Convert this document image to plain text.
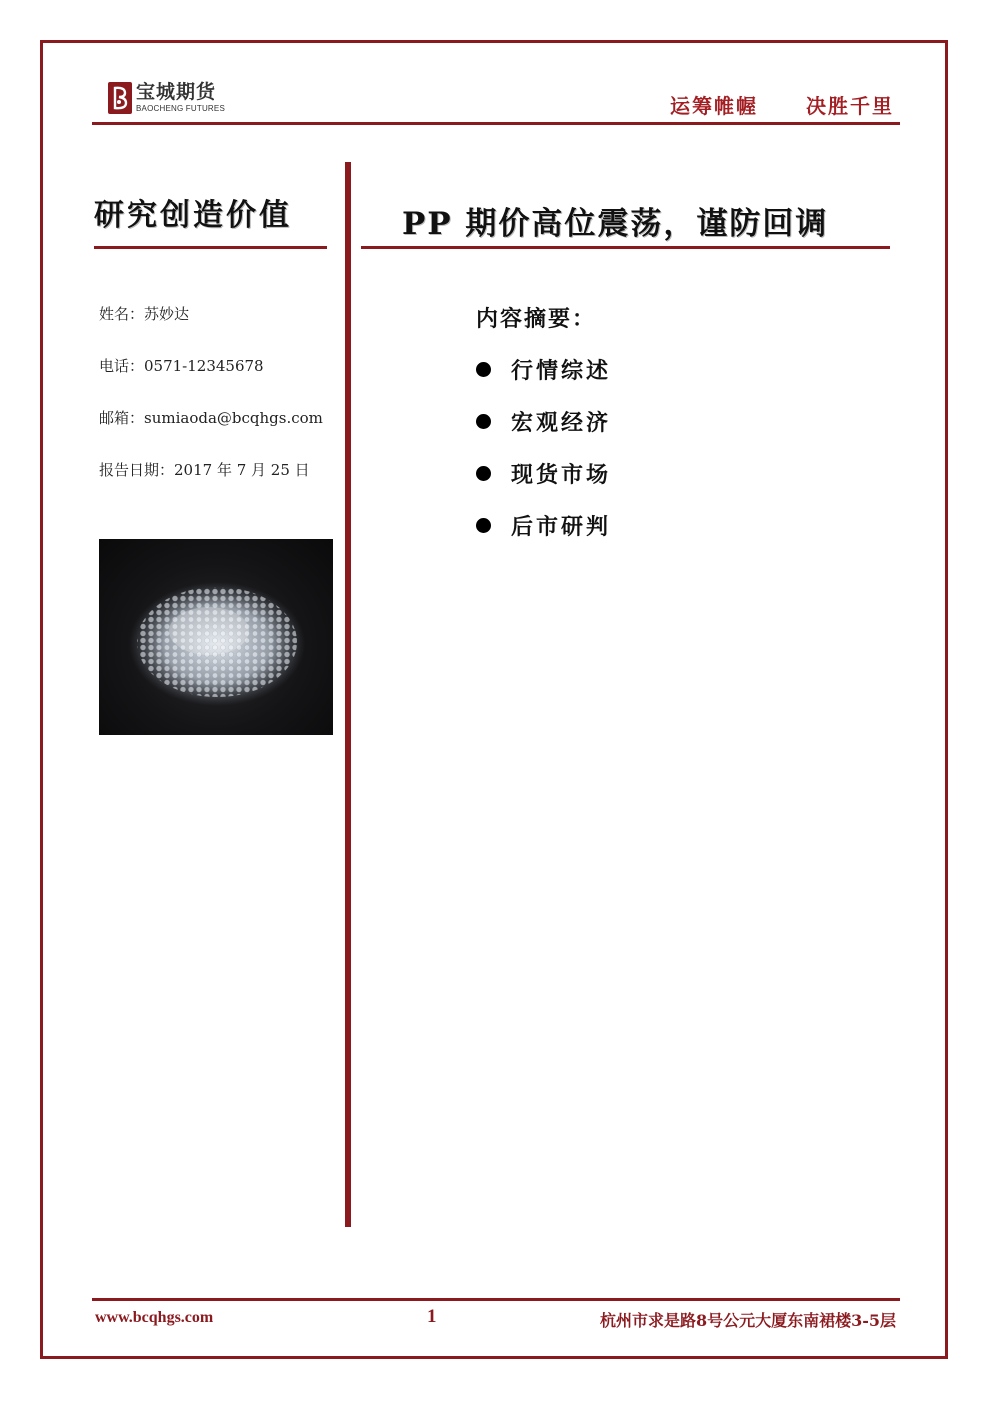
宝城期货
BAOCHENG FUTURES	运筹帷幄 决胜千里
研究创造价值
姓名：苏妙达
电话：0571-12345678
邮箱：sumiaoda@bcqhgs.com
报告日期：2017 年 7 月 25 日
PP 期价高位震荡，谨防回调
内容摘要：
行情综述
宏观经济
现货市场
后市研判
www.bcqhgs.com	1	杭州市求是路8号公元大厦东南裙楼3-5层
